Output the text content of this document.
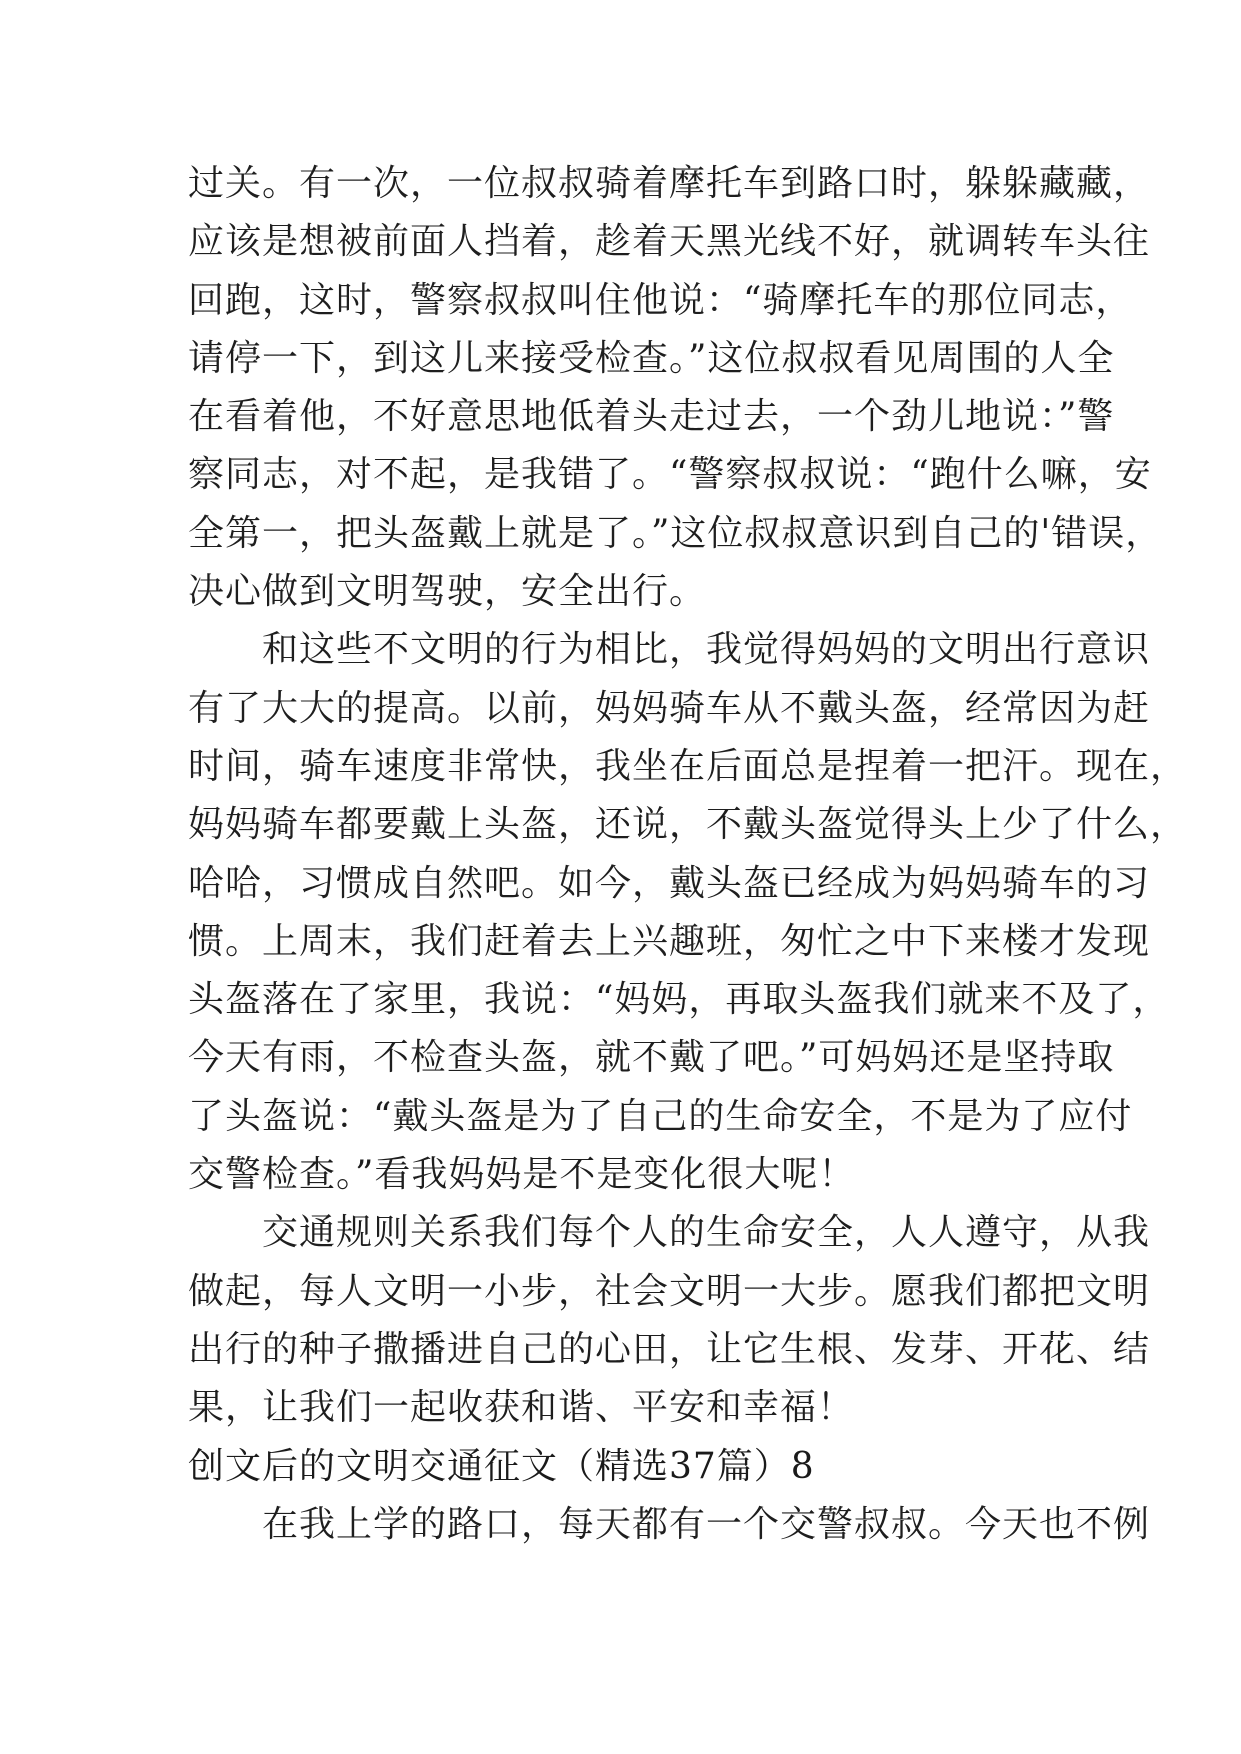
过关。有一次，一位叔叔骑着摩托车到路口时，躲躲藏藏，
应该是想被前面人挡着，趁着天黑光线不好，就调转车头往
回跑，这时，警察叔叔叫住他说：“骑摩托车的那位同志，
请停一下，到这儿来接受检查。”这位叔叔看见周围的人全
在看着他，不好意思地低着头走过去，一个劲儿地说：”警
察同志，对不起，是我错了。“警察叔叔说：“跑什么嘛，安
全第一，把头盔戴上就是了。”这位叔叔意识到自己的'错误，
决心做到文明驾驶，安全出行。
和这些不文明的行为相比，我觉得妈妈的文明出行意识
有了大大的提高。以前，妈妈骑车从不戴头盔，经常因为赶
时间，骑车速度非常快，我坐在后面总是捏着一把汗。现在，
妈妈骑车都要戴上头盔，还说，不戴头盔觉得头上少了什么，
哈哈，习惯成自然吧。如今，戴头盔已经成为妈妈骑车的习
惯。上周末，我们赶着去上兴趣班，匆忙之中下来楼才发现
头盔落在了家里，我说：“妈妈，再取头盔我们就来不及了，
今天有雨，不检查头盔，就不戴了吧。”可妈妈还是坚持取
了头盔说：“戴头盔是为了自己的生命安全，不是为了应付
交警检查。”看我妈妈是不是变化很大呢！
交通规则关系我们每个人的生命安全，人人遵守，从我
做起，每人文明一小步，社会文明一大步。愿我们都把文明
出行的种子撒播进自己的心田，让它生根、发芽、开花、结
果，让我们一起收获和谐、平安和幸福！
创文后的文明交通征文（精选37篇）8
在我上学的路口，每天都有一个交警叔叔。今天也不例
